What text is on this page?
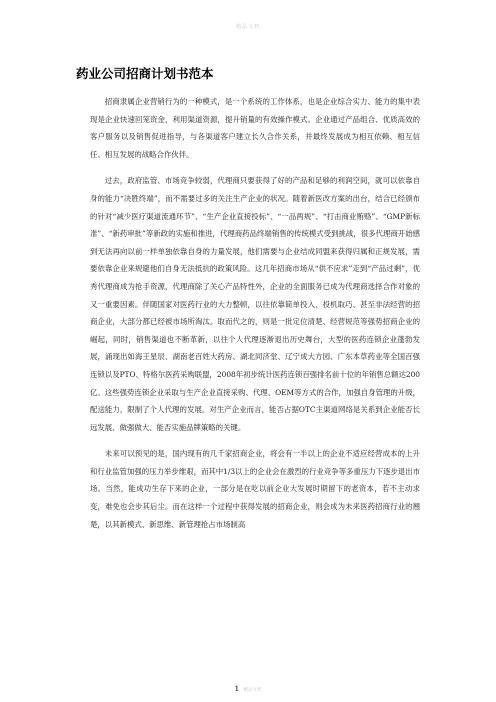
精品文档
药业公司招商计划书范本

招商隶属企业营销行为的一种模式，是一个系统的工作体系，也是企业综合实力、能力的集中表现是企业快速回笼资金，利用渠道资源，提升销量的有效操作模式。企业通过产品组合、优质高效的客户服务以及销售促进指导，与各渠道客户建立长久合作关系，并最终发展成为相互依赖、相互信任、相互发展的战略合作伙伴。

过去，政府监管、市场竞争较弱，代理商只要获得了好的产品和足够的利润空间，就可以依靠自身的能力“决胜终端”，而不需要过多的关注生产企业的状况。随着新医改方案的出台，结合已经颁布的针对“减少医疗渠道流通环节”、“生产企业直接投标”、“一品两规”、“打击商业贿赂”、“GMP新标准”、“新药审批”等新政的实施和推进，代理商药品终端销售的传统模式受到挑战，很多代理商开始感到无法再向以前一样单独依靠自身的力量发展，他们需要与企业结成同盟来获得归属和正规发展，需要依靠企业来规避他们自身无法抵抗的政策风险。这几年招商市场从“供不应求”走到“产品过剩”，优秀代理商成为抢手资源，代理商除了关心产品特性外，企业的全面服务已成为代理商选择合作对象的又一重要因素。伴随国家对医药行业的大力整顿，以往依靠简单投入、投机取巧、甚至非法经营的招商企业，大部分都已经被市场所淘汰。取而代之的，则是一批定位清楚、经营规范等强势招商企业的崛起，同时，销售渠道也不断革新，以往个人代理逐渐退出历史舞台，大型的医药连锁企业蓬勃发展，涌现出如海王星辰、湖南老百姓大药房、湖北同济堂、辽宁成大方园、广东本草药业等全国百强连锁以及PTO、特格尔医药采购联盟，2008年初步统计医药连锁百强排名前十位的年销售总额达200亿。这些强势连锁企业采取与生产企业直接采购、代理、OEM等方式的合作，加强自身管理的升级，配送能力，限制了个人代理的发展。对生产企业而言，能否占据OTC主渠道网络是关系到企业能否长远发展、做强做大、能否实施品牌策略的关键。

未来可以预见的是，国内现有的几千家招商企业，将会有一半以上的企业不适应经营成本的上升和行业监管加强的压力举步维艰，而其中1/3以上的企业会在激烈的行业竞争等多重压力下逐步退出市场。当然，能成功生存下来的企业，一部分是在吃以前企业大发展时期留下的老资本，若不主动求变，难免也会步其后尘。而在这样一个过程中获得发展的招商企业，则会成为未来医药招商行业的翘楚，以其新模式、新思维、新管理抢占市场制高

1 精品文档
